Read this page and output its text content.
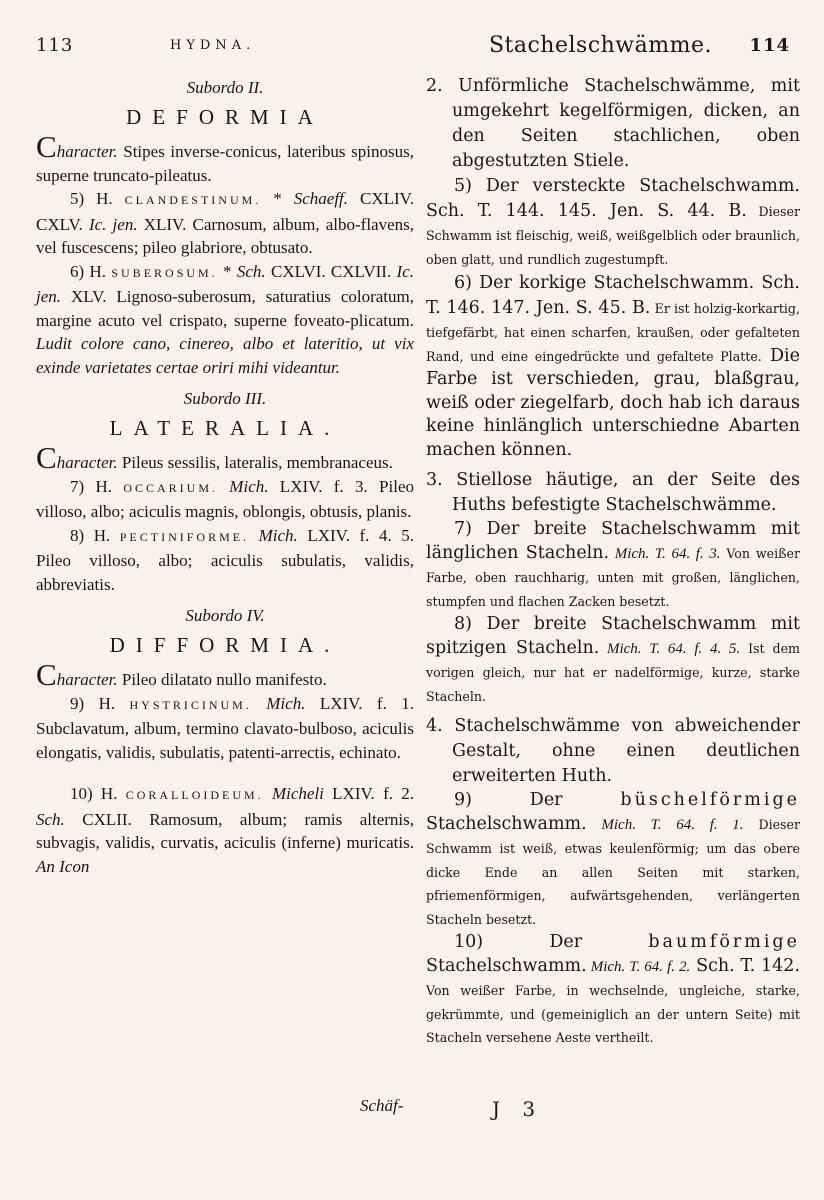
113	HYDNA.	Stachelschwämme. 114
Subordo II.
DEFORMIA

Character. Stipes inverse-conicus, lateribus spinosus, superne truncato-pileatus.

5) H. CLANDESTINUM. * Schaeff. CXLIV. CXLV. Ic. jen. XLIV. Carnosum, album, albo-flavens, vel fuscescens; pileo glabriore, obtusato.

6) H. SUBEROSUM. * Sch. CXLVI. CXLVII. Ic. jen. XLV. Lignoso-suberosum, saturatius coloratum, margine acuto vel crispato, superne foveato-plicatum. Ludit colore cano, cinereo, albo et lateritio, ut vix exinde varietates certae oriri mihi videantur.

Subordo III.
LATERALIA.

Character. Pileus sessilis, lateralis, membranaceus.

7) H. OCCARIUM. Mich. LXIV. f. 3. Pileo villoso, albo; aciculis magnis, oblongis, obtusis, planis.

8) H. PECTINIFORME. Mich. LXIV. f. 4. 5. Pileo villoso, albo; aciculis subulatis, validis, abbreviatis.

Subordo IV.
DIFFORMIA.

Character. Pileo dilatato nullo manifesto.

9) H. HYSTRICINUM. Mich. LXIV. f. 1. Subclavatum, album, termino clavato-bulboso, aciculis elongatis, validis, subulatis, patenti-arrectis, echinato.

10) H. CORALLOIDEUM. Micheli LXIV. f. 2. Sch. CXLII. Ramosum, album; ramis alternis, subvagis, validis, curvatis, aciculis (inferne) muricatis. An Icon

Schäf-

2. Unförmliche Stachelschwämme, mit umgekehrt kegelförmigen, dicken, an den Seiten stachlichen, oben abgestutzten Stiele.

5) Der versteckte Stachelschwamm. Sch. T. 144. 145. Jen. S. 44. B. Dieser Schwamm ist fleischig, weiß, weißgelblich oder braunlich, oben glatt, und rundlich zugestumpft.

6) Der korkige Stachelschwamm. Sch. T. 146. 147. Jen. S. 45. B. Er ist holzig-korkartig, tiefgefärbt, hat einen scharfen, kraußen, oder gefalteten Rand, und eine eingedrückte und gefaltete Platte. Die Farbe ist verschieden, grau, blaßgrau, weiß oder ziegelfarb, doch hab ich daraus keine hinlänglich unterschiedne Abarten machen können.

3. Stiellose häutige, an der Seite des Huths befestigte Stachelschwämme.

7) Der breite Stachelschwamm mit länglichen Stacheln. Mich. T. 64. f. 3. Von weißer Farbe, oben rauchharig, unten mit großen, länglichen, stumpfen und flachen Zacken besetzt.

8) Der breite Stachelschwamm mit spitzigen Stacheln. Mich. T. 64. f. 4. 5. Ist dem vorigen gleich, nur hat er nadelförmige, kurze, starke Stacheln.

4. Stachelschwämme von abweichender Gestalt, ohne einen deutlichen erweiterten Huth.

9) Der büschelförmige Stachelschwamm. Mich. T. 64. f. 1. Dieser Schwamm ist weiß, etwas keulenförmig; um das obere dicke Ende an allen Seiten mit starken, pfriemenförmigen, aufwärtsgehenden, verlängerten Stacheln besetzt.

10) Der baumförmige Stachelschwamm. Mich. T. 64. f. 2. Sch. T. 142. Von weißer Farbe, in wechselnde, ungleiche, starke, gekrümmte, und (gemeiniglich an der untern Seite) mit Stacheln versehene Aeste vertheilt.

J 3
